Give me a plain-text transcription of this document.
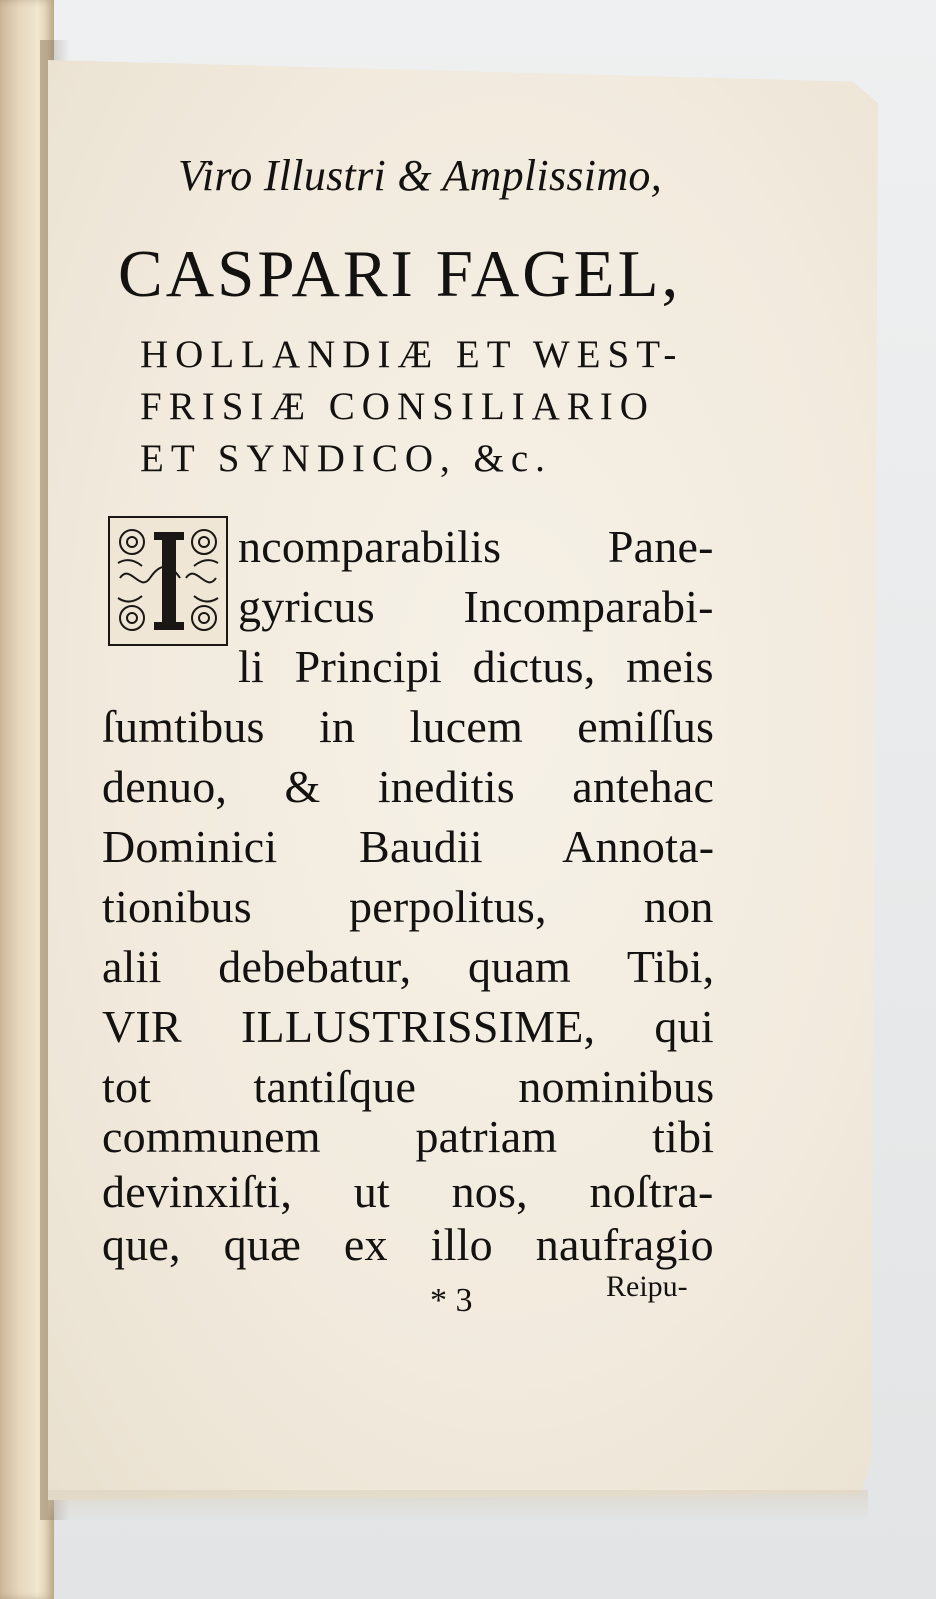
Viro Illustri & Amplissimo,
CASPARI FAGEL,
HOLLANDIÆ ET WEST-
FRISIÆ CONSILIARIO
ET SYNDICO, &c.
ncomparabilis Pane-
gyricus Incomparabi-
li Principi dictus, meis
ſumtibus in lucem emiſſus
denuo, & ineditis antehac
Dominici Baudii Annota-
tionibus perpolitus, non
alii debebatur, quam Tibi,
VIR ILLUSTRISSIME, qui
tot tantiſque nominibus
communem patriam tibi
devinxiſti, ut nos, noſtra-
que, quæ ex illo naufragio
* 3	Reipu-
